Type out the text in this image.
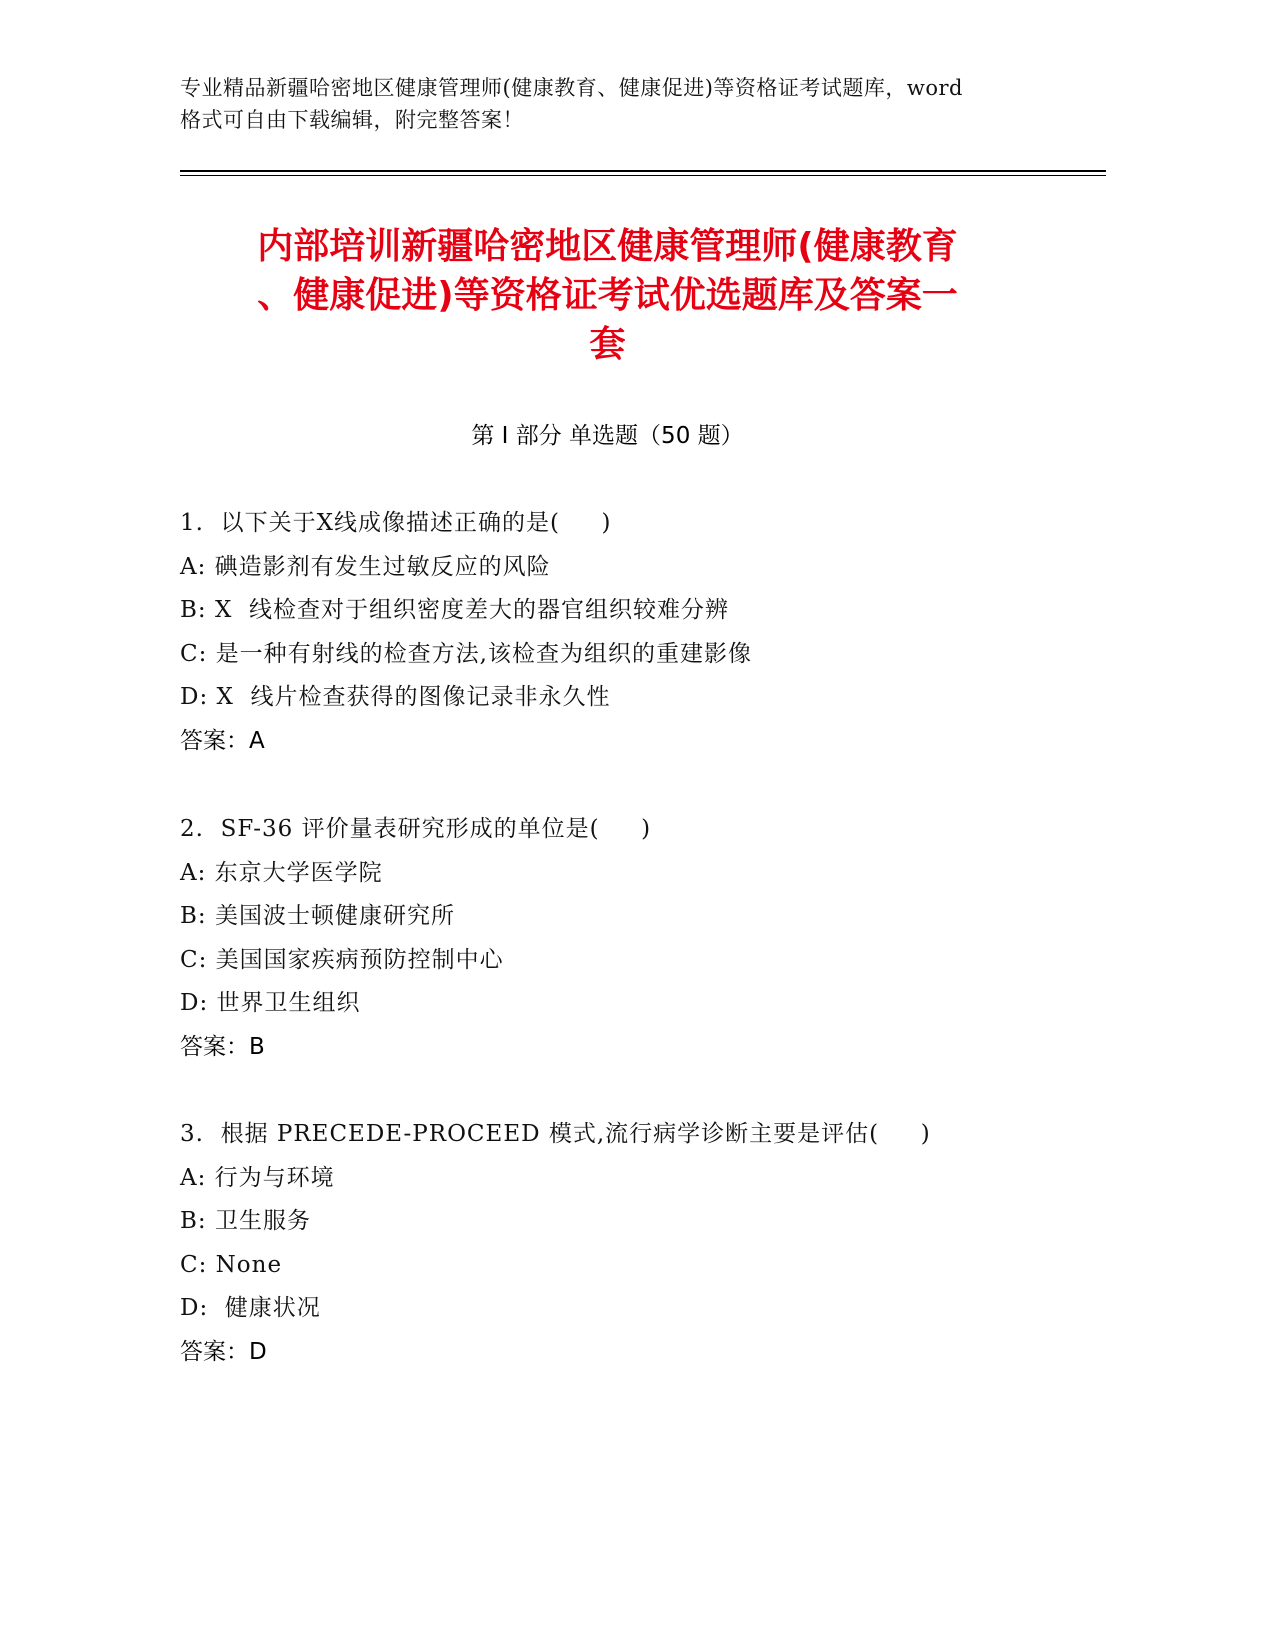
专业精品新疆哈密地区健康管理师(健康教育、健康促进)等资格证考试题库，word
格式可自由下载编辑，附完整答案！
内部培训新疆哈密地区健康管理师(健康教育
、健康促进)等资格证考试优选题库及答案一
套
第 I 部分 单选题（50 题）
1.  以下关于Ⅹ线成像描述正确的是(     )
A: 碘造影剂有发生过敏反应的风险
B: X  线检查对于组织密度差大的器官组织较难分辨
C: 是一种有射线的检查方法,该检查为组织的重建影像
D: X  线片检查获得的图像记录非永久性
答案：A
2.  SF-36 评价量表研究形成的单位是(     )
A: 东京大学医学院
B: 美国波士顿健康研究所
C: 美国国家疾病预防控制中心
D: 世界卫生组织
答案：B
3.  根据 PRECEDE-PROCEED 模式,流行病学诊断主要是评估(     )
A: 行为与环境
B: 卫生服务
C: None
D:  健康状况
答案：D
